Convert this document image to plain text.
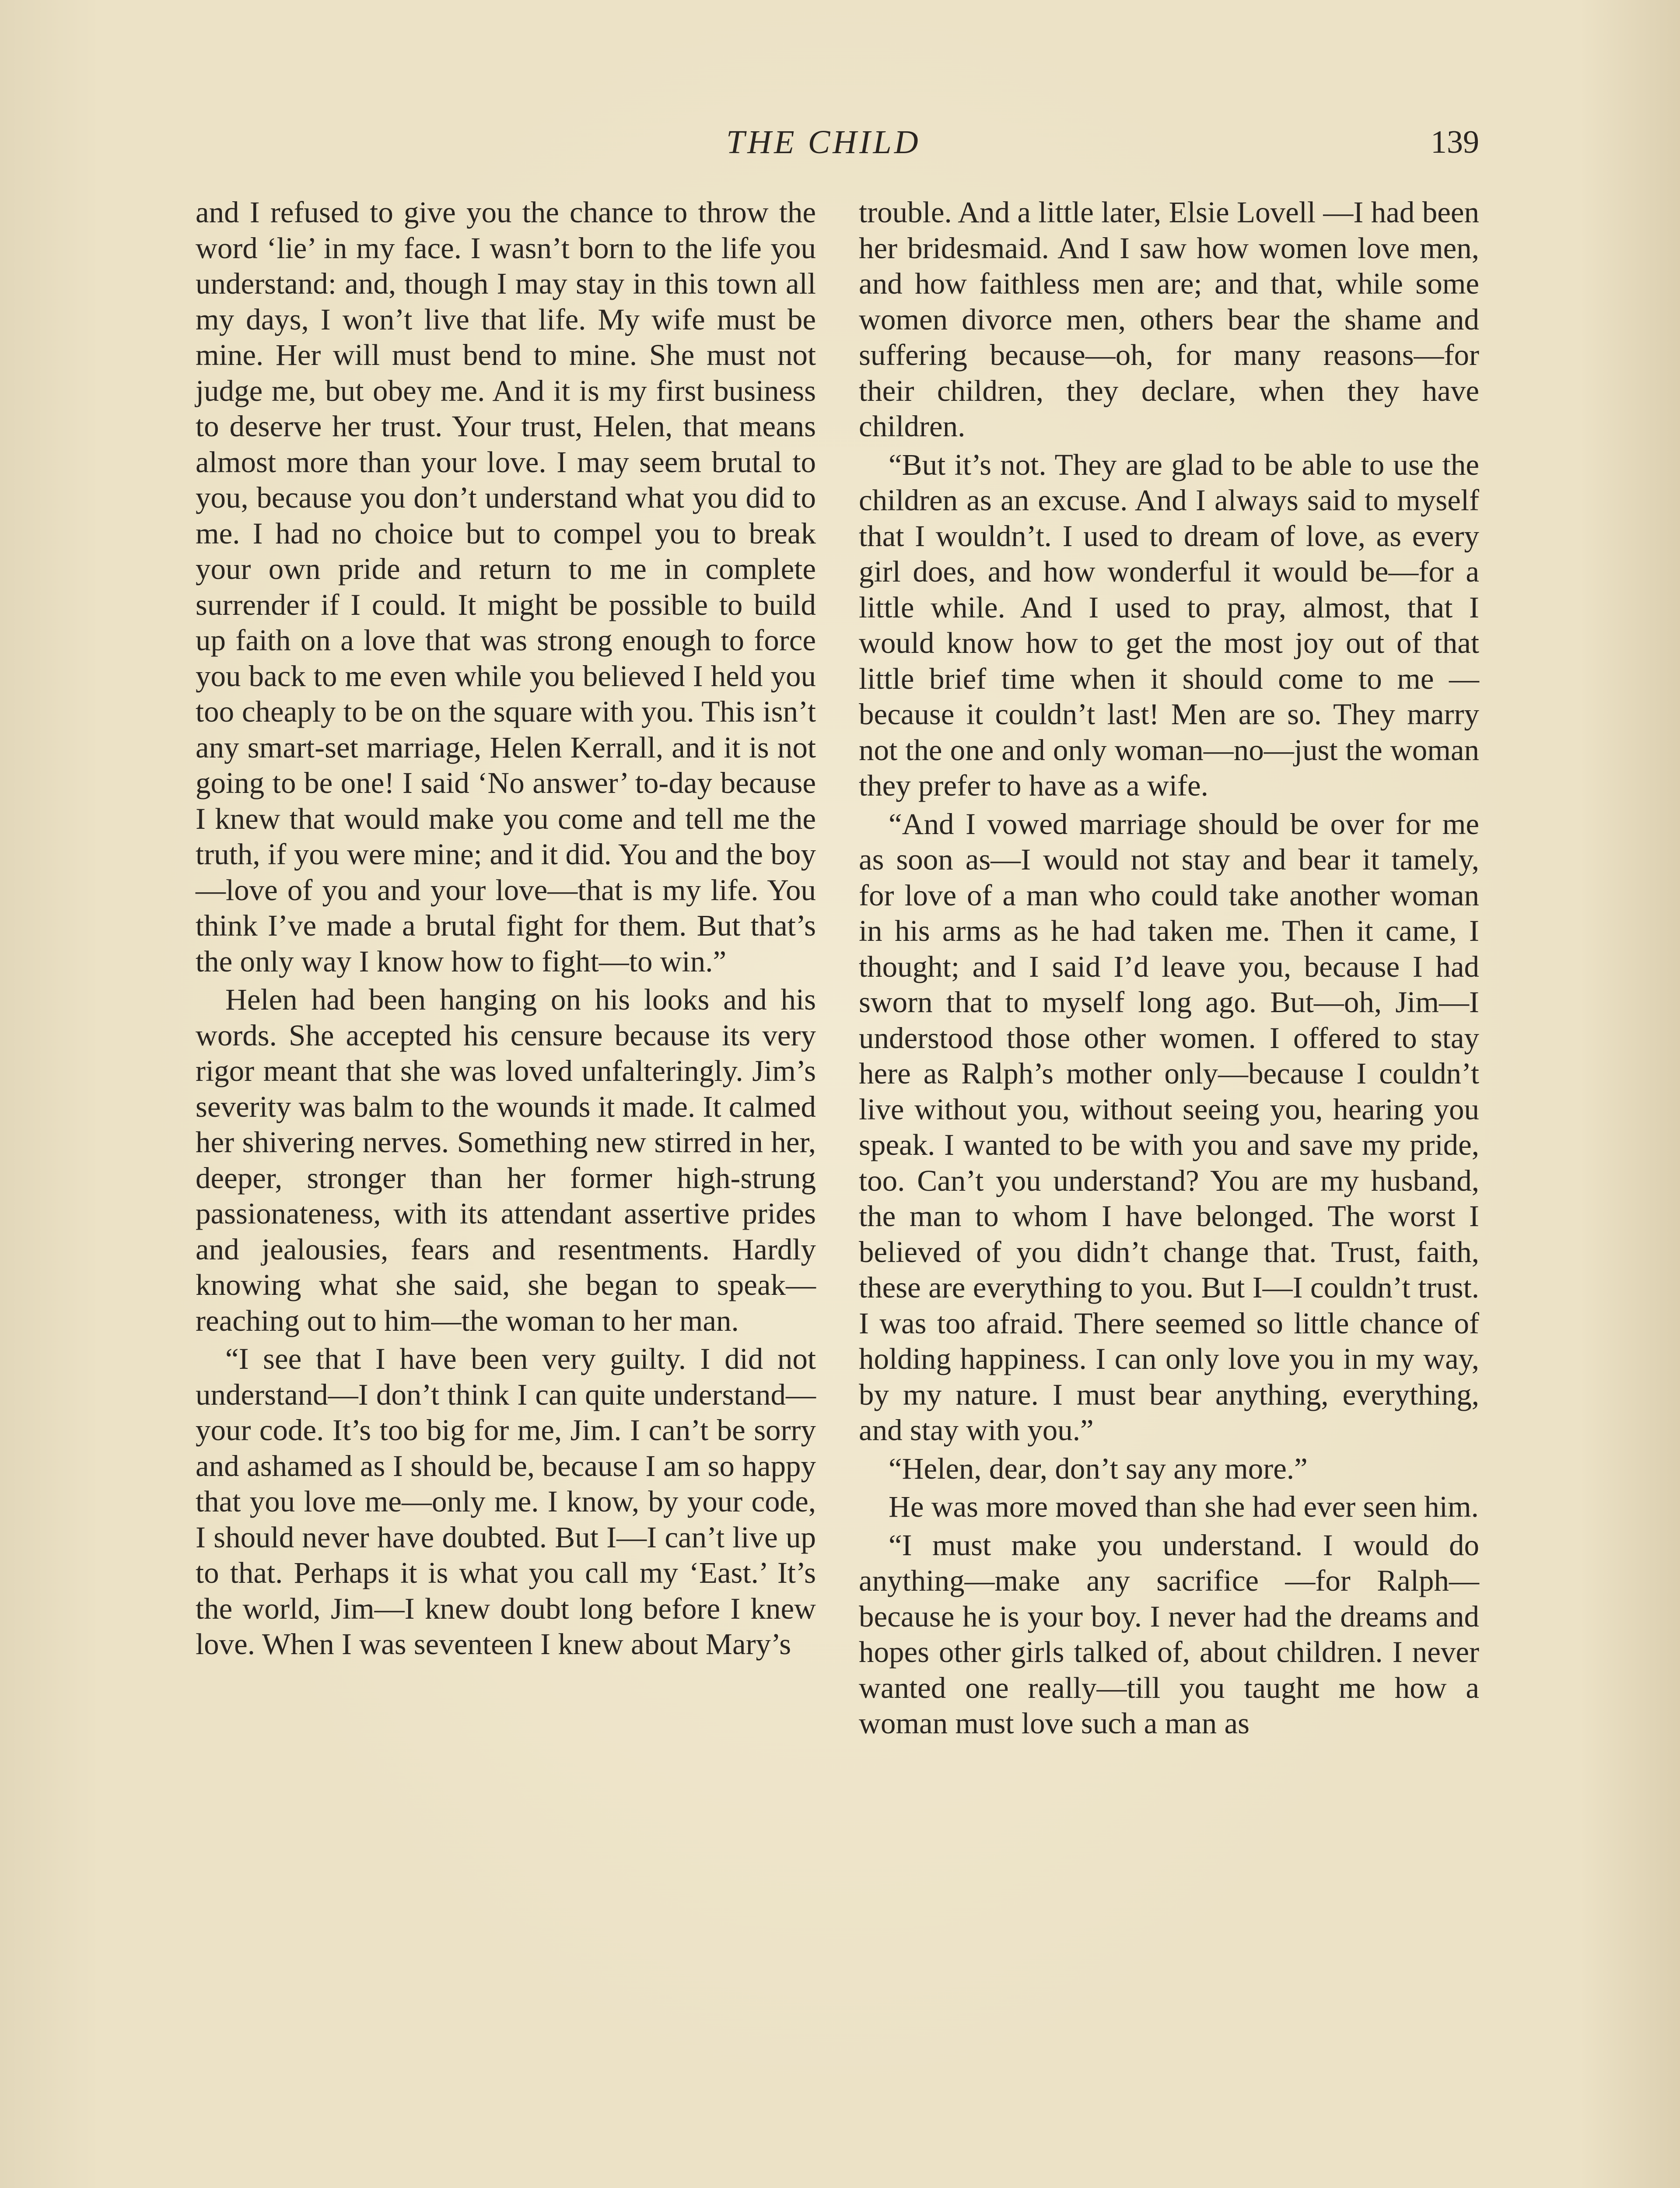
THE CHILD	139

and I refused to give you the chance to throw the word ‘lie’ in my face. I wasn’t born to the life you understand: and, though I may stay in this town all my days, I won’t live that life. My wife must be mine. Her will must bend to mine. She must not judge me, but obey me. And it is my first business to deserve her trust. Your trust, Helen, that means almost more than your love. I may seem brutal to you, because you don’t understand what you did to me. I had no choice but to compel you to break your own pride and return to me in complete surrender if I could. It might be possible to build up faith on a love that was strong enough to force you back to me even while you believed I held you too cheaply to be on the square with you. This isn’t any smart-set marriage, Helen Kerrall, and it is not going to be one! I said ‘No answer’ to-day because I knew that would make you come and tell me the truth, if you were mine; and it did. You and the boy—love of you and your love—that is my life. You think I’ve made a brutal fight for them. But that’s the only way I know how to fight—to win.”

Helen had been hanging on his looks and his words. She accepted his censure because its very rigor meant that she was loved unfalteringly. Jim’s severity was balm to the wounds it made. It calmed her shivering nerves. Something new stirred in her, deeper, stronger than her former high-strung passionateness, with its attendant assertive prides and jealousies, fears and resentments. Hardly knowing what she said, she began to speak—reaching out to him—the woman to her man.

“I see that I have been very guilty. I did not understand—I don’t think I can quite understand—your code. It’s too big for me, Jim. I can’t be sorry and ashamed as I should be, because I am so happy that you love me—only me. I know, by your code, I should never have doubted. But I—I can’t live up to that. Perhaps it is what you call my ‘East.’ It’s the world, Jim—I knew doubt long before I knew love. When I was seventeen I knew about Mary’s

trouble. And a little later, Elsie Lovell —I had been her bridesmaid. And I saw how women love men, and how faithless men are; and that, while some women divorce men, others bear the shame and suffering because—oh, for many reasons—for their children, they declare, when they have children.

“But it’s not. They are glad to be able to use the children as an excuse. And I always said to myself that I wouldn’t. I used to dream of love, as every girl does, and how wonderful it would be—for a little while. And I used to pray, almost, that I would know how to get the most joy out of that little brief time when it should come to me —because it couldn’t last! Men are so. They marry not the one and only woman—no—just the woman they prefer to have as a wife.

“And I vowed marriage should be over for me as soon as—I would not stay and bear it tamely, for love of a man who could take another woman in his arms as he had taken me. Then it came, I thought; and I said I’d leave you, because I had sworn that to myself long ago. But—oh, Jim—I understood those other women. I offered to stay here as Ralph’s mother only—because I couldn’t live without you, without seeing you, hearing you speak. I wanted to be with you and save my pride, too. Can’t you understand? You are my husband, the man to whom I have belonged. The worst I believed of you didn’t change that. Trust, faith, these are everything to you. But I—I couldn’t trust. I was too afraid. There seemed so little chance of holding happiness. I can only love you in my way, by my nature. I must bear anything, everything, and stay with you.”

“Helen, dear, don’t say any more.”

He was more moved than she had ever seen him.

“I must make you understand. I would do anything—make any sacrifice —for Ralph—because he is your boy. I never had the dreams and hopes other girls talked of, about children. I never wanted one really—till you taught me how a woman must love such a man as
